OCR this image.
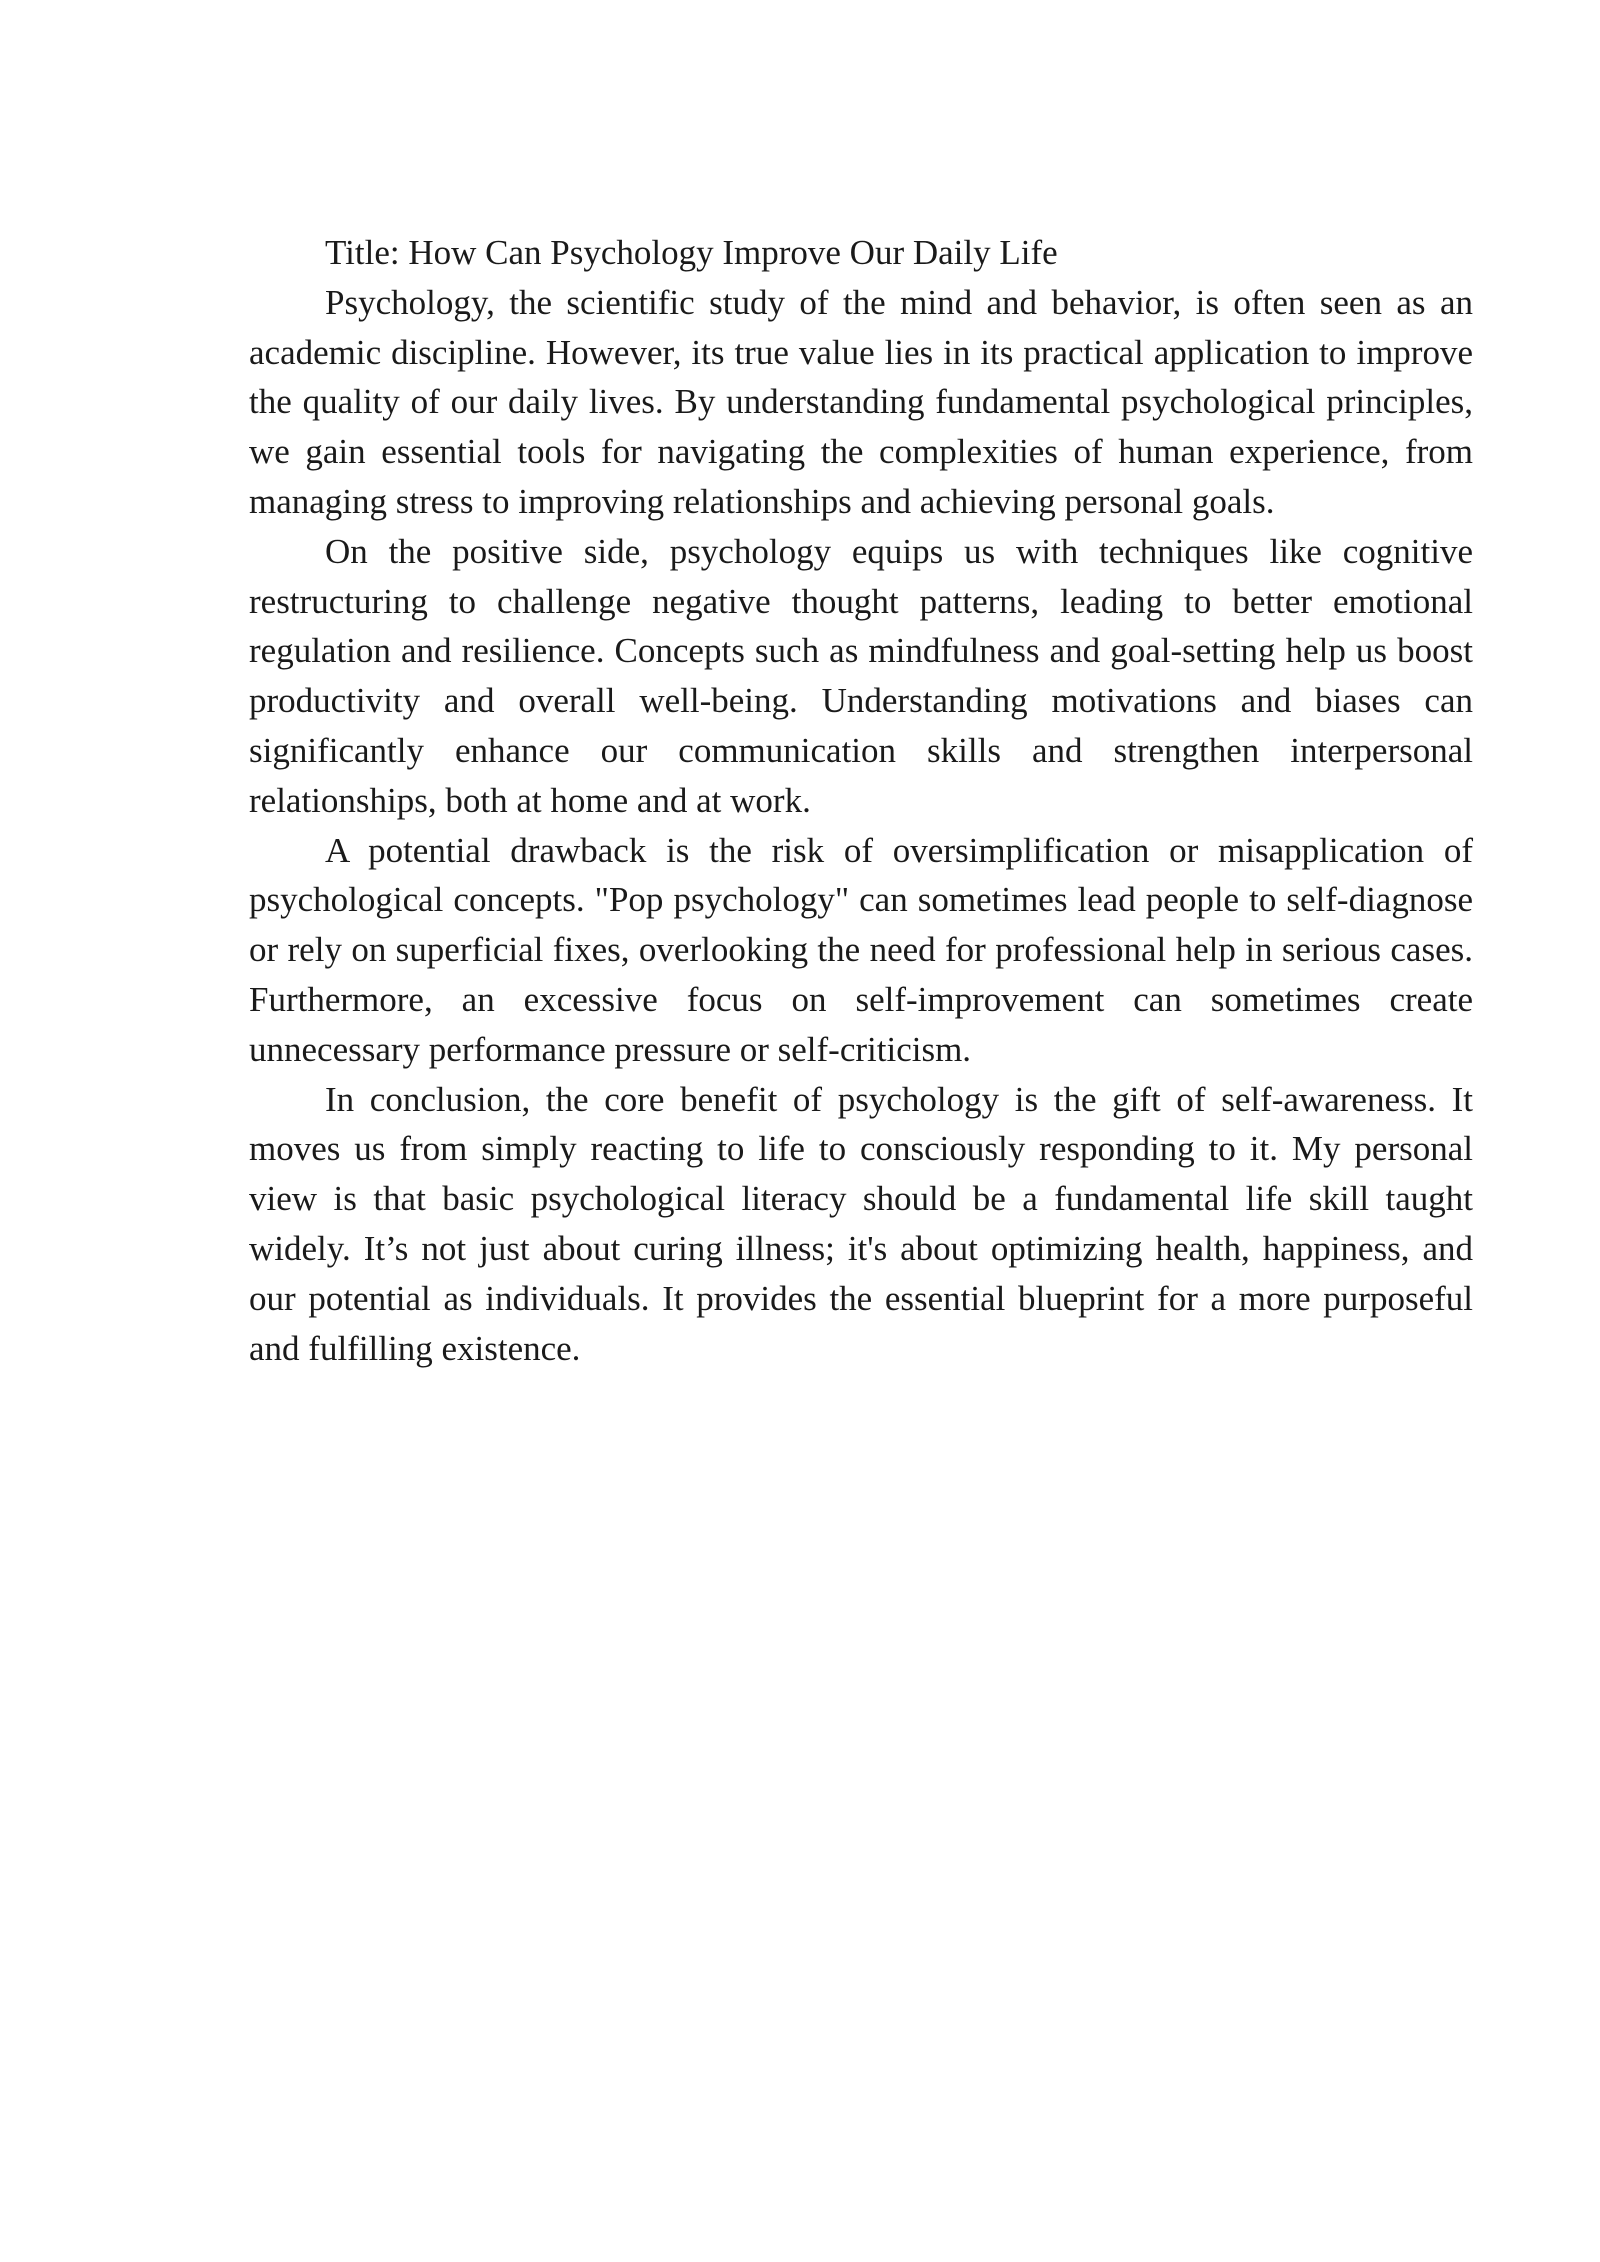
Title: How Can Psychology Improve Our Daily Life

Psychology, the scientific study of the mind and behavior, is often seen as an academic discipline. However, its true value lies in its practical application to improve the quality of our daily lives. By understanding fundamental psychological principles, we gain essential tools for navigating the complexities of human experience, from managing stress to improving relationships and achieving personal goals.

On the positive side, psychology equips us with techniques like cognitive restructuring to challenge negative thought patterns, leading to better emotional regulation and resilience. Concepts such as mindfulness and goal-setting help us boost productivity and overall well-being. Understanding motivations and biases can significantly enhance our communication skills and strengthen interpersonal relationships, both at home and at work.

A potential drawback is the risk of oversimplification or misapplication of psychological concepts. "Pop psychology" can sometimes lead people to self-diagnose or rely on superficial fixes, overlooking the need for professional help in serious cases. Furthermore, an excessive focus on self-improvement can sometimes create unnecessary performance pressure or self-criticism.

In conclusion, the core benefit of psychology is the gift of self-awareness. It moves us from simply reacting to life to consciously responding to it. My personal view is that basic psychological literacy should be a fundamental life skill taught widely. It’s not just about curing illness; it's about optimizing health, happiness, and our potential as individuals. It provides the essential blueprint for a more purposeful and fulfilling existence.
